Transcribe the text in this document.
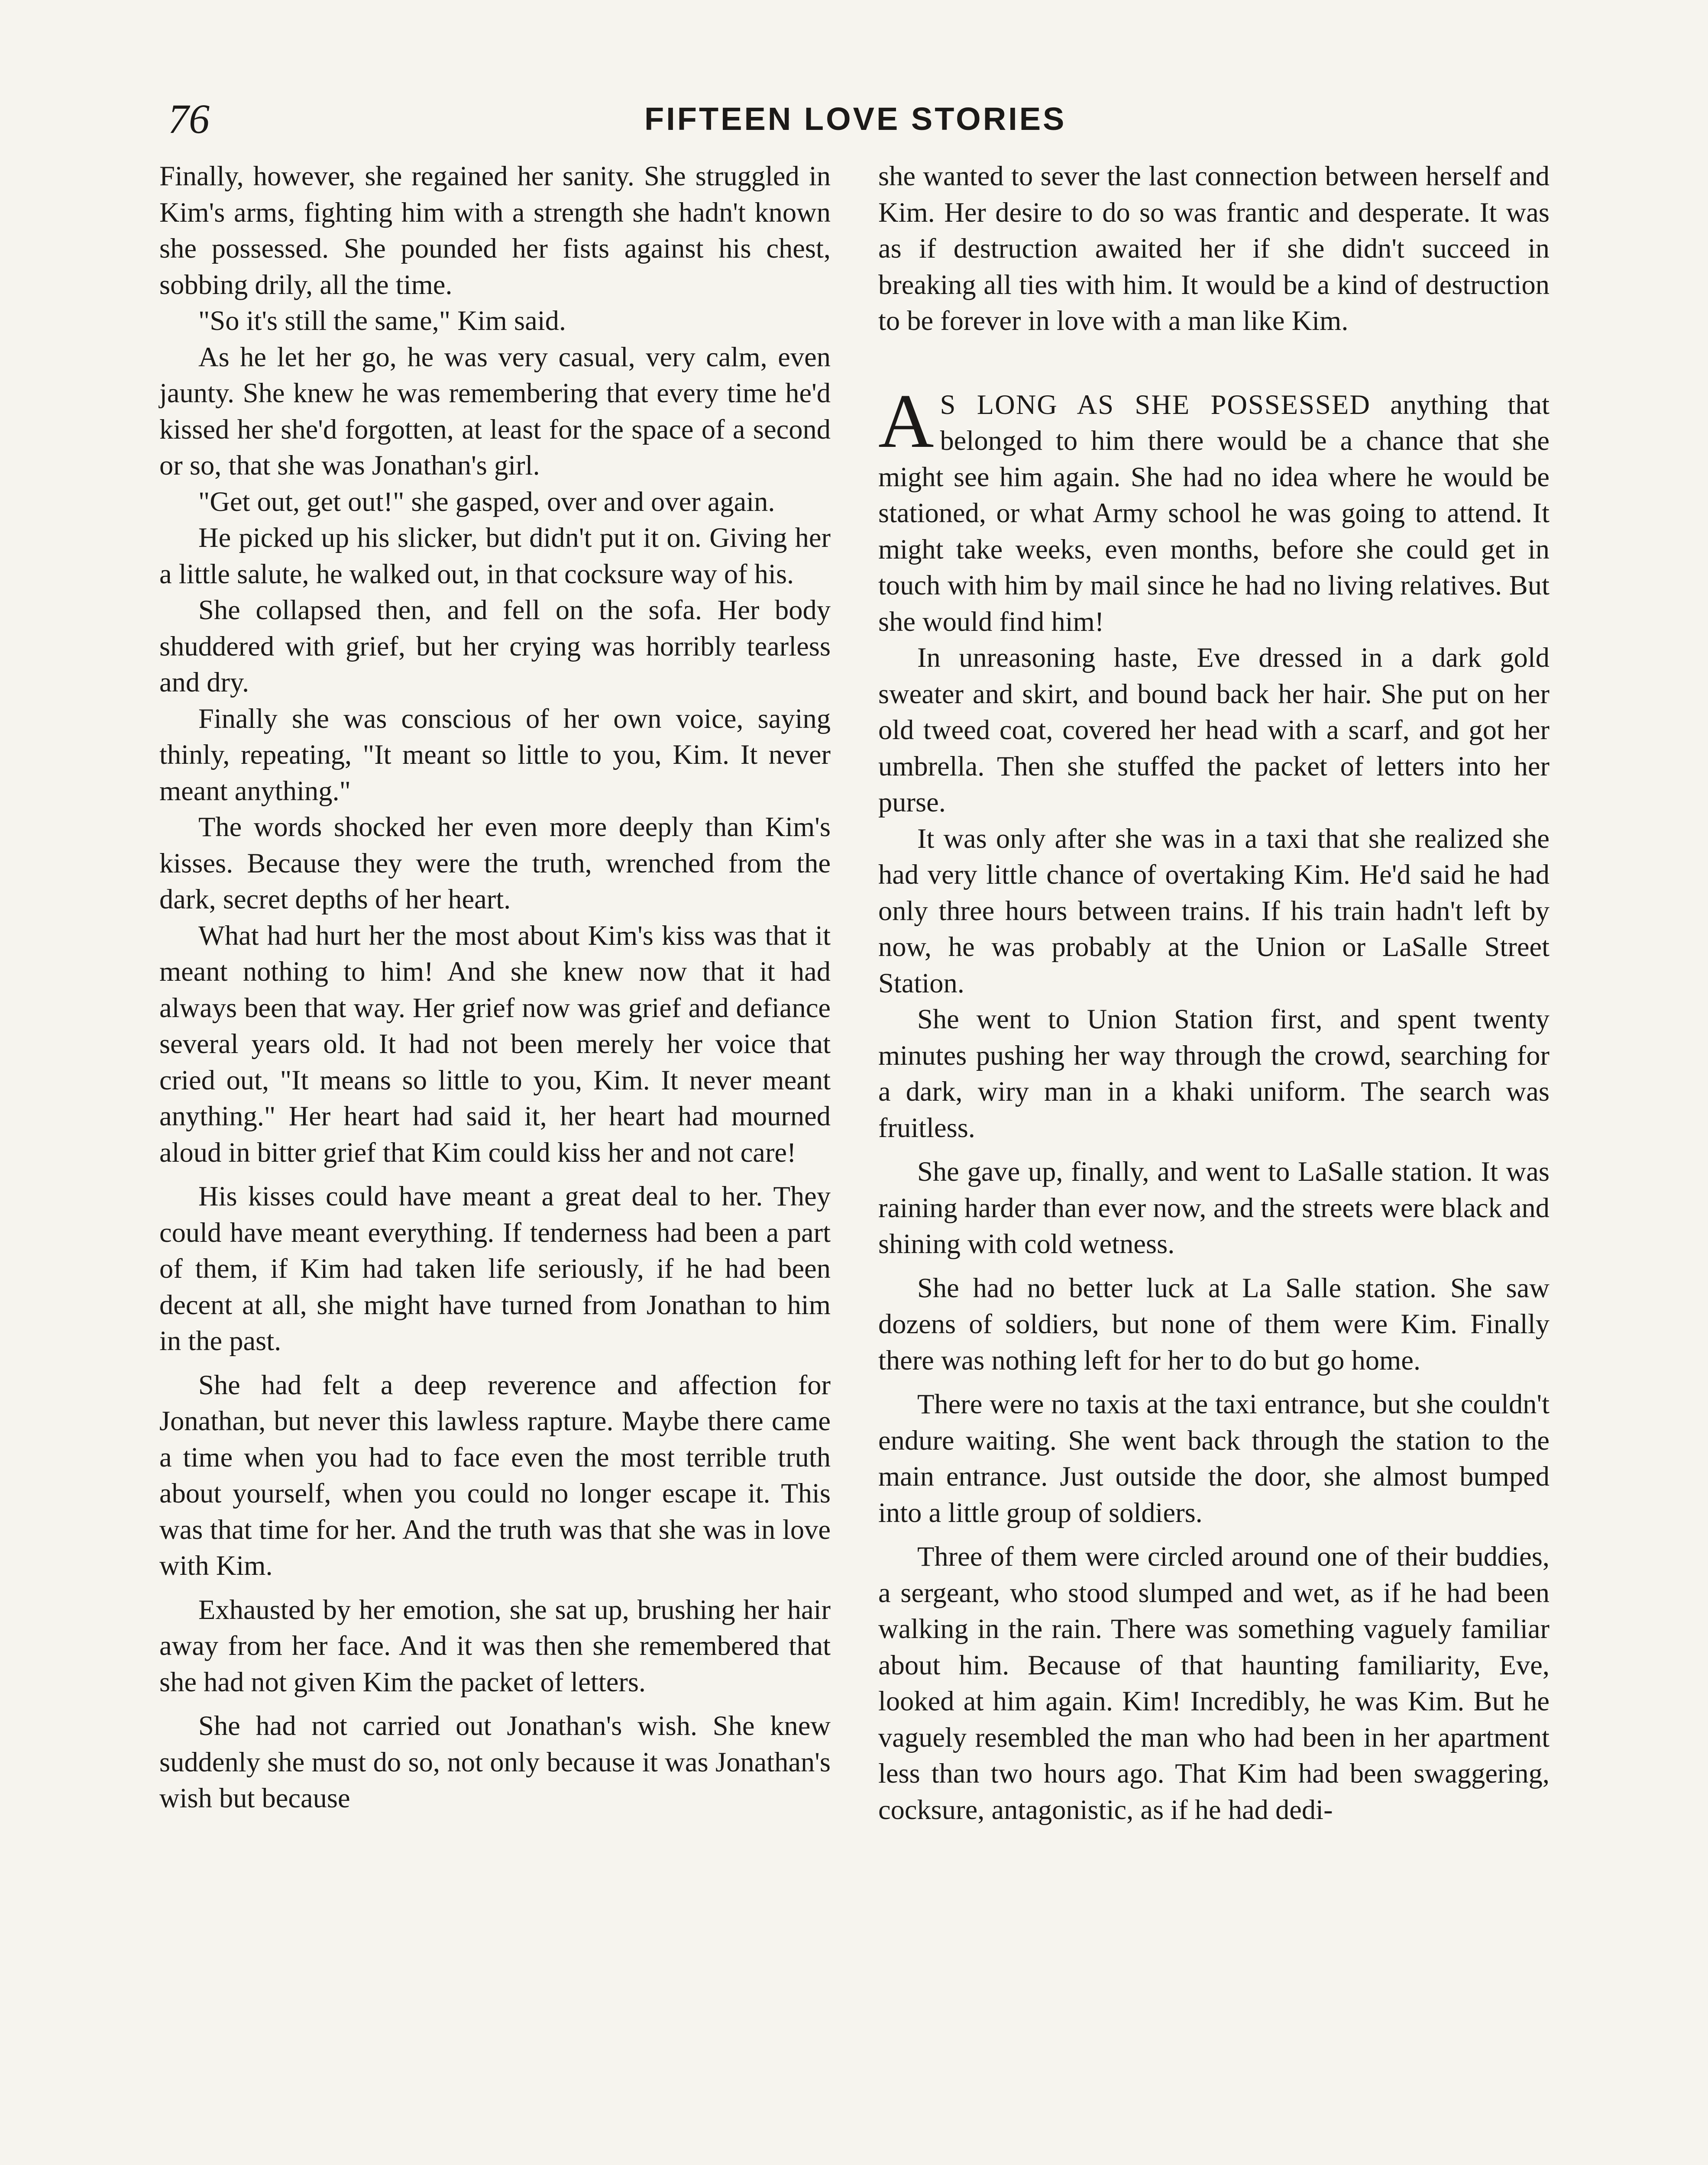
76	FIFTEEN LOVE STORIES

Finally, however, she regained her sanity. She struggled in Kim's arms, fighting him with a strength she hadn't known she possessed. She pounded her fists against his chest, sobbing drily, all the time.

"So it's still the same," Kim said.

As he let her go, he was very casual, very calm, even jaunty. She knew he was remembering that every time he'd kissed her she'd forgotten, at least for the space of a second or so, that she was Jonathan's girl.

"Get out, get out!" she gasped, over and over again.

He picked up his slicker, but didn't put it on. Giving her a little salute, he walked out, in that cocksure way of his.

She collapsed then, and fell on the sofa. Her body shuddered with grief, but her crying was horribly tearless and dry.

Finally she was conscious of her own voice, saying thinly, repeating, "It meant so little to you, Kim. It never meant anything."

The words shocked her even more deeply than Kim's kisses. Because they were the truth, wrenched from the dark, secret depths of her heart.

What had hurt her the most about Kim's kiss was that it meant nothing to him! And she knew now that it had always been that way. Her grief now was grief and defiance several years old. It had not been merely her voice that cried out, "It means so little to you, Kim. It never meant anything." Her heart had said it, her heart had mourned aloud in bitter grief that Kim could kiss her and not care!

His kisses could have meant a great deal to her. They could have meant everything. If tenderness had been a part of them, if Kim had taken life seriously, if he had been decent at all, she might have turned from Jonathan to him in the past.

She had felt a deep reverence and affection for Jonathan, but never this lawless rapture. Maybe there came a time when you had to face even the most terrible truth about yourself, when you could no longer escape it. This was that time for her. And the truth was that she was in love with Kim.

Exhausted by her emotion, she sat up, brushing her hair away from her face. And it was then she remembered that she had not given Kim the packet of letters.

She had not carried out Jonathan's wish. She knew suddenly she must do so, not only because it was Jonathan's wish but because

she wanted to sever the last connection between herself and Kim. Her desire to do so was frantic and desperate. It was as if destruction awaited her if she didn't succeed in breaking all ties with him. It would be a kind of destruction to be forever in love with a man like Kim.

AS LONG AS SHE POSSESSED anything that belonged to him there would be a chance that she might see him again. She had no idea where he would be stationed, or what Army school he was going to attend. It might take weeks, even months, before she could get in touch with him by mail since he had no living relatives. But she would find him!

In unreasoning haste, Eve dressed in a dark gold sweater and skirt, and bound back her hair. She put on her old tweed coat, covered her head with a scarf, and got her umbrella. Then she stuffed the packet of letters into her purse.

It was only after she was in a taxi that she realized she had very little chance of overtaking Kim. He'd said he had only three hours between trains. If his train hadn't left by now, he was probably at the Union or LaSalle Street Station.

She went to Union Station first, and spent twenty minutes pushing her way through the crowd, searching for a dark, wiry man in a khaki uniform. The search was fruitless.

She gave up, finally, and went to LaSalle station. It was raining harder than ever now, and the streets were black and shining with cold wetness.

She had no better luck at La Salle station. She saw dozens of soldiers, but none of them were Kim. Finally there was nothing left for her to do but go home.

There were no taxis at the taxi entrance, but she couldn't endure waiting. She went back through the station to the main entrance. Just outside the door, she almost bumped into a little group of soldiers.

Three of them were circled around one of their buddies, a sergeant, who stood slumped and wet, as if he had been walking in the rain. There was something vaguely familiar about him. Because of that haunting familiarity, Eve, looked at him again. Kim! Incredibly, he was Kim. But he vaguely resembled the man who had been in her apartment less than two hours ago. That Kim had been swaggering, cocksure, antagonistic, as if he had dedi-
